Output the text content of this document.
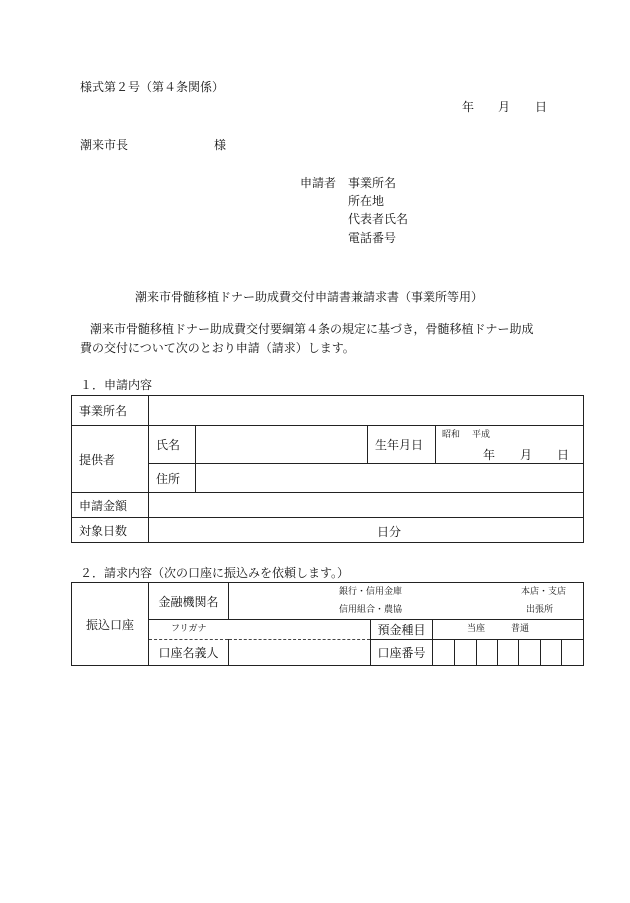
様式第２号（第４条関係）
年 月 日
潮来市長	様
申請者 事業所名
所在地
代表者氏名
電話番号
潮来市骨髄移植ドナー助成費交付申請書兼請求書（事業所等用）
潮来市骨髄移植ドナー助成費交付要綱第４条の規定に基づき，骨髄移植ドナー助成
費の交付について次のとおり申請（請求）します。
１．申請内容
事業所名				
提供者	氏名		生年月日	昭和 平成
年 月 日

	住所			
申請金額				
対象日数	日分			
２．請求内容（次の口座に振込みを依頼します。）
振込口座	金融機関名	銀行・信用金庫
信用組合・農協
本店・支店
出張所								

	フリガナ		預金種目	当座 普通						

	口座名義人		口座番号							
